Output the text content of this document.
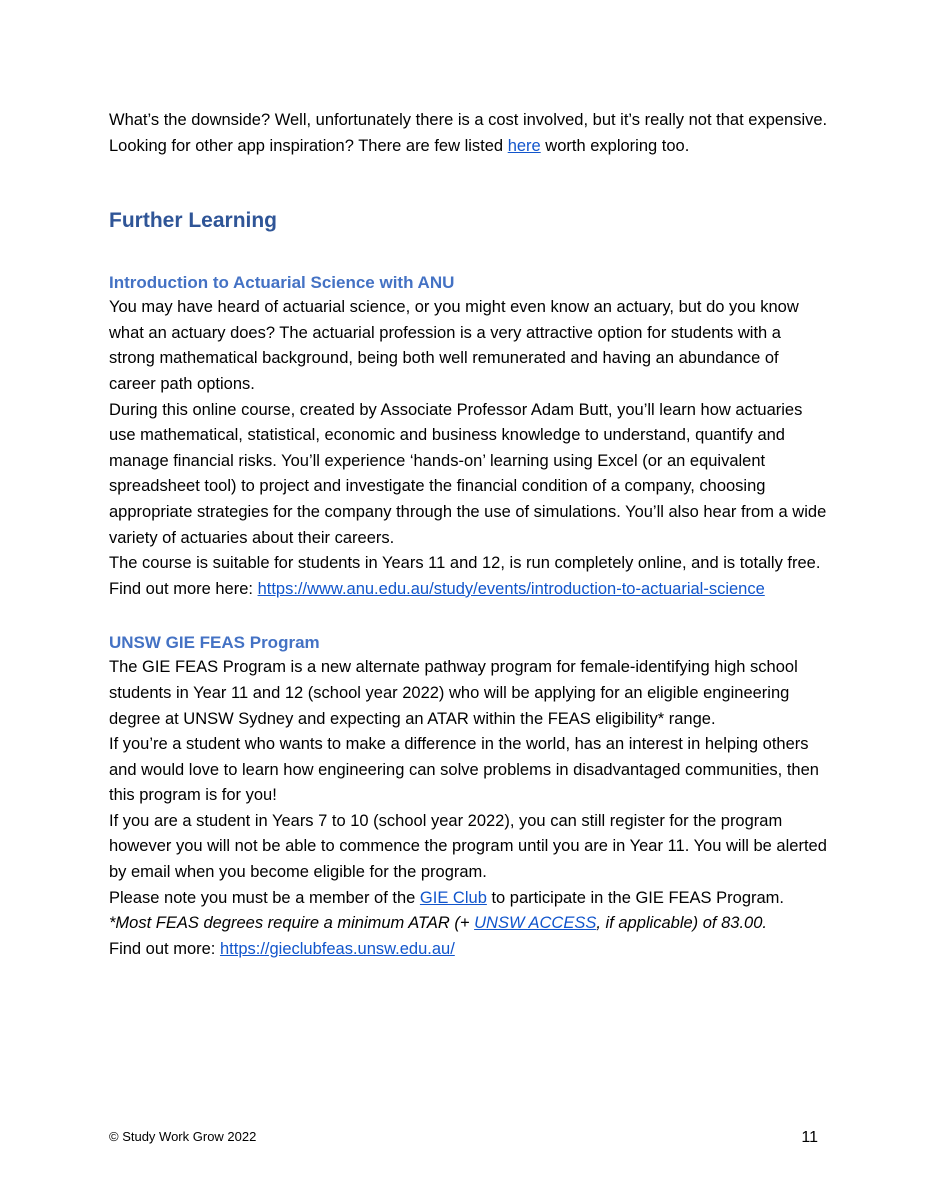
What’s the downside? Well, unfortunately there is a cost involved, but it’s really not that expensive.

Looking for other app inspiration? There are few listed here worth exploring too.

Further Learning
Introduction to Actuarial Science with ANU

You may have heard of actuarial science, or you might even know an actuary, but do you know what an actuary does? The actuarial profession is a very attractive option for students with a strong mathematical background, being both well remunerated and having an abundance of career path options.

During this online course, created by Associate Professor Adam Butt, you’ll learn how actuaries use mathematical, statistical, economic and business knowledge to understand, quantify and manage financial risks. You’ll experience ‘hands-on’ learning using Excel (or an equivalent spreadsheet tool) to project and investigate the financial condition of a company, choosing appropriate strategies for the company through the use of simulations. You’ll also hear from a wide variety of actuaries about their careers.

The course is suitable for students in Years 11 and 12, is run completely online, and is totally free.

Find out more here: https://www.anu.edu.au/study/events/introduction-to-actuarial-science

UNSW GIE FEAS Program

The GIE FEAS Program is a new alternate pathway program for female-identifying high school students in Year 11 and 12 (school year 2022) who will be applying for an eligible engineering degree at UNSW Sydney and expecting an ATAR within the FEAS eligibility* range.

If you’re a student who wants to make a difference in the world, has an interest in helping others and would love to learn how engineering can solve problems in disadvantaged communities, then this program is for you!

If you are a student in Years 7 to 10 (school year 2022), you can still register for the program however you will not be able to commence the program until you are in Year 11. You will be alerted by email when you become eligible for the program.

Please note you must be a member of the GIE Club to participate in the GIE FEAS Program.

*Most FEAS degrees require a minimum ATAR (+ UNSW ACCESS, if applicable) of 83.00.

Find out more: https://gieclubfeas.unsw.edu.au/

© Study Work Grow 2022	11
